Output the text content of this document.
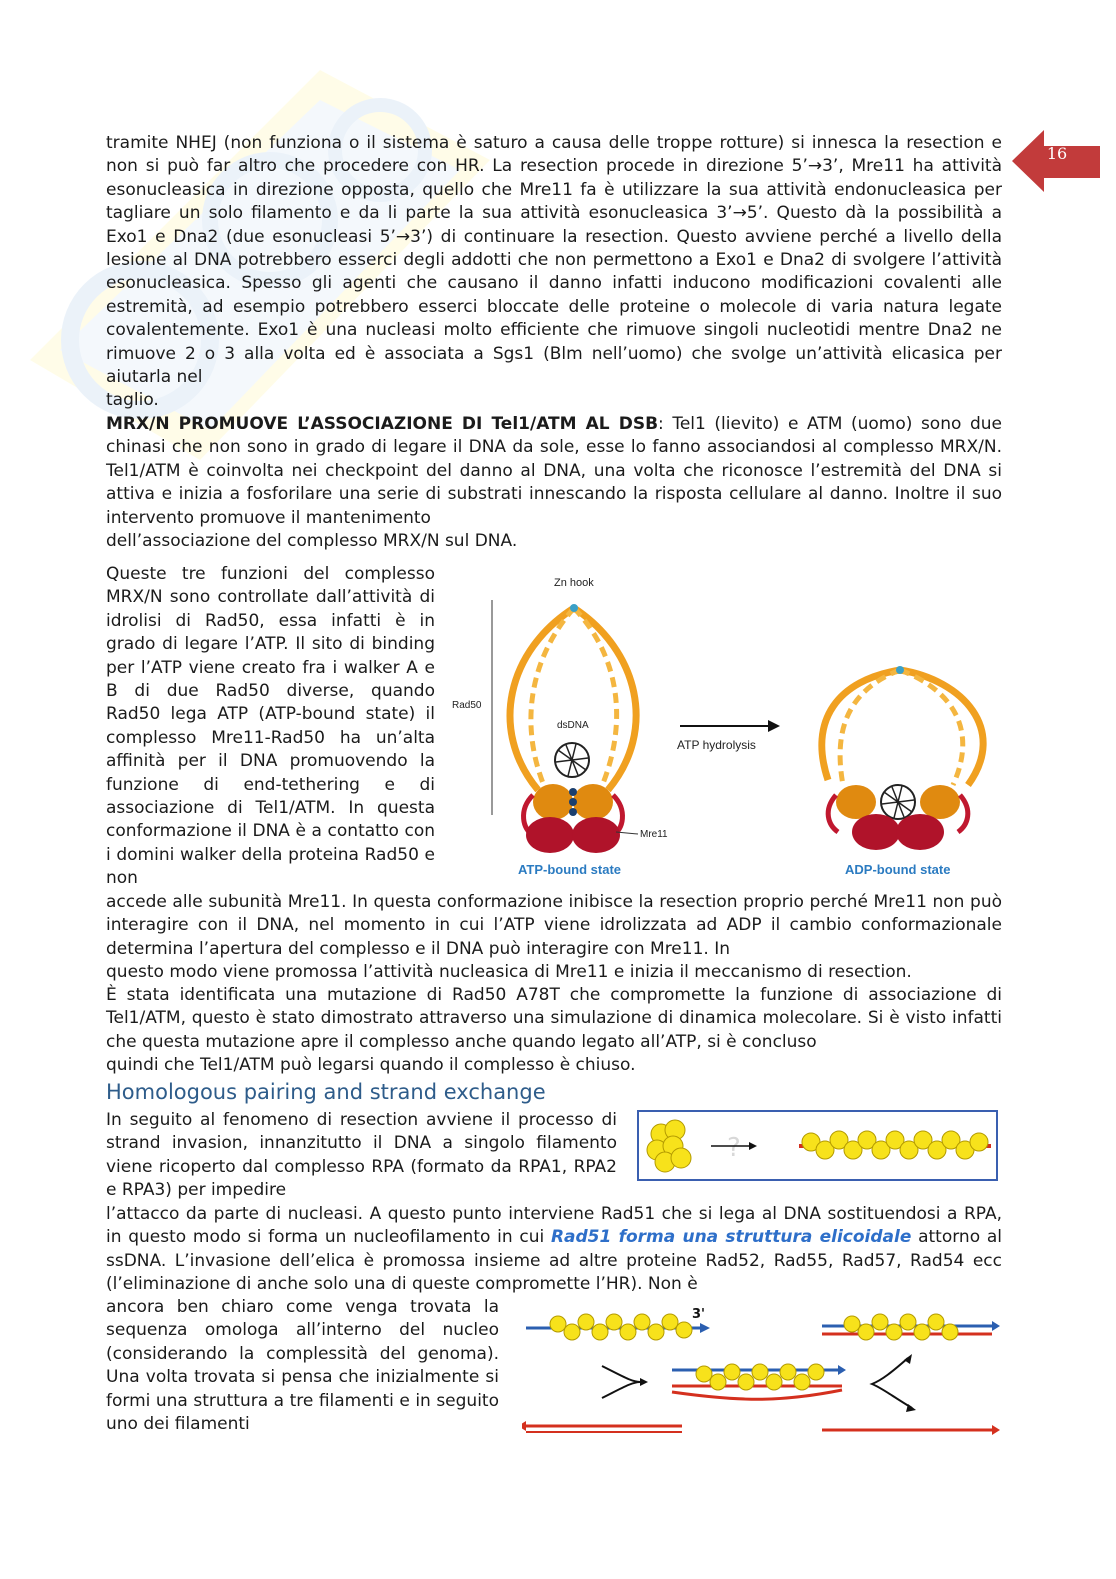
16

tramite NHEJ (non funziona o il sistema è saturo a causa delle troppe rotture) si innesca la resection e non si può far altro che procedere con HR. La resection procede in direzione 5’→3’, Mre11 ha attività esonucleasica in direzione opposta, quello che Mre11 fa è utilizzare la sua attività endonucleasica per tagliare un solo filamento e da li parte la sua attività esonucleasica 3’→5’. Questo dà la possibilità a Exo1 e Dna2 (due esonucleasi 5’→3’) di continuare la resection. Questo avviene perché a livello della lesione al DNA potrebbero esserci degli addotti che non permettono a Exo1 e Dna2 di svolgere l’attività esonucleasica. Spesso gli agenti che causano il danno infatti inducono modificazioni covalenti alle estremità, ad esempio potrebbero esserci bloccate delle proteine o molecole di varia natura legate covalentemente. Exo1 è una nucleasi molto efficiente che rimuove singoli nucleotidi mentre Dna2 ne rimuove 2 o 3 alla volta ed è associata a Sgs1 (Blm nell’uomo) che svolge un’attività elicasica per aiutarla nel
taglio.

MRX/N PROMUOVE L’ASSOCIAZIONE DI Tel1/ATM AL DSB: Tel1 (lievito) e ATM (uomo) sono due chinasi che non sono in grado di legare il DNA da sole, esse lo fanno associandosi al complesso MRX/N. Tel1/ATM è coinvolta nei checkpoint del danno al DNA, una volta che riconosce l’estremità del DNA si attiva e inizia a fosforilare una serie di substrati innescando la risposta cellulare al danno. Inoltre il suo intervento promuove il mantenimento
dell’associazione del complesso MRX/N sul DNA.

Queste tre funzioni del complesso MRX/N sono controllate dall’attività di idrolisi di Rad50, essa infatti è in grado di legare l’ATP. Il sito di binding per l’ATP viene creato fra i walker A e B di due Rad50 diverse, quando Rad50 lega ATP (ATP-bound state) il complesso Mre11-Rad50 ha un’alta affinità per il DNA promuovendo la funzione di end-tethering e di associazione di Tel1/ATM. In questa conformazione il DNA è a contatto con i domini walker della proteina Rad50 e non

Zn hook
Rad50
dsDNA
Mre11
ATP hydrolysis
ATP-bound state	ADP-bound state

accede alle subunità Mre11. In questa conformazione inibisce la resection proprio perché Mre11 non può interagire con il DNA, nel momento in cui l’ATP viene idrolizzata ad ADP il cambio conformazionale determina l’apertura del complesso e il DNA può interagire con Mre11. In
questo modo viene promossa l’attività nucleasica di Mre11 e inizia il meccanismo di resection.

È stata identificata una mutazione di Rad50 A78T che compromette la funzione di associazione di Tel1/ATM, questo è stato dimostrato attraverso una simulazione di dinamica molecolare. Si è visto infatti che questa mutazione apre il complesso anche quando legato all’ATP, si è concluso
quindi che Tel1/ATM può legarsi quando il complesso è chiuso.

Homologous pairing and strand exchange

In seguito al fenomeno di resection avviene il processo di strand invasion, innanzitutto il DNA a singolo filamento viene ricoperto dal complesso RPA (formato da RPA1, RPA2 e RPA3) per impedire

?

l’attacco da parte di nucleasi. A questo punto interviene Rad51 che si lega al DNA sostituendosi a RPA, in questo modo si forma un nucleofilamento in cui Rad51 forma una struttura elicoidale attorno al ssDNA. L’invasione dell’elica è promossa insieme ad altre proteine Rad52, Rad55, Rad57, Rad54 ecc (l’eliminazione di anche solo una di queste compromette l’HR). Non è

ancora ben chiaro come venga trovata la sequenza omologa all’interno del nucleo (considerando la complessità del genoma). Una volta trovata si pensa che inizialmente si formi una struttura a tre filamenti e in seguito uno dei filamenti

3'
